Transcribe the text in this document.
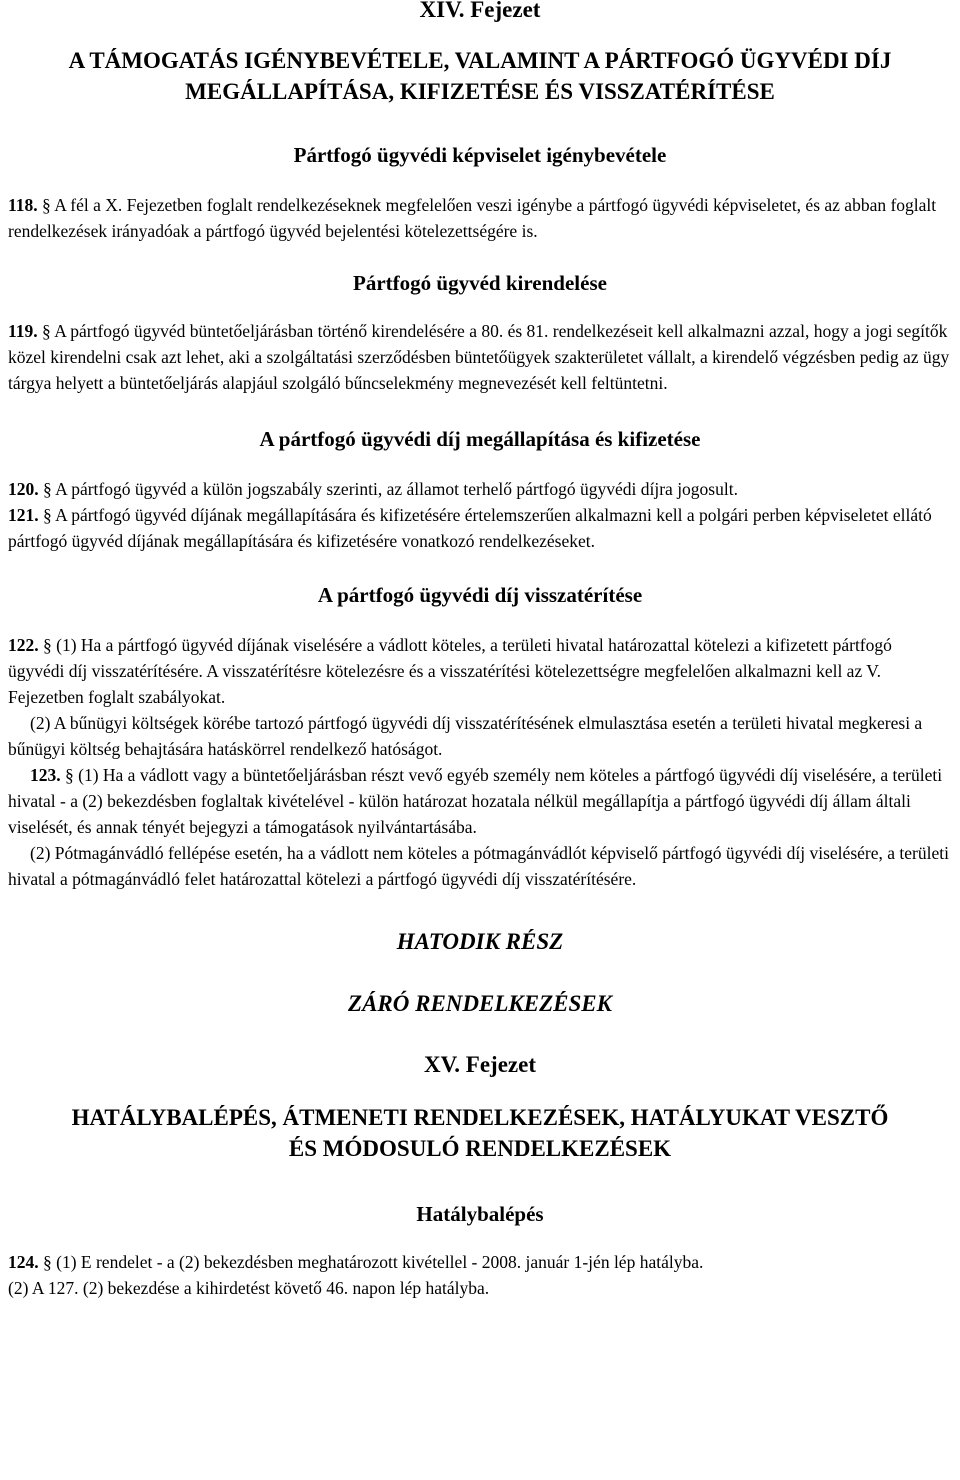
XIV. Fejezet
A TÁMOGATÁS IGÉNYBEVÉTELE, VALAMINT A PÁRTFOGÓ ÜGYVÉDI DÍJ
MEGÁLLAPÍTÁSA, KIFIZETÉSE ÉS VISSZATÉRÍTÉSE
Pártfogó ügyvédi képviselet igénybevétele

118. § A fél a X. Fejezetben foglalt rendelkezéseknek megfelelően veszi igénybe a pártfogó ügyvédi képviseletet, és az abban foglalt rendelkezések irányadóak a pártfogó ügyvéd bejelentési kötelezettségére is.

Pártfogó ügyvéd kirendelése

119. § A pártfogó ügyvéd büntetőeljárásban történő kirendelésére a 80. és 81. rendelkezéseit kell alkalmazni azzal, hogy a jogi segítők közel kirendelni csak azt lehet, aki a szolgáltatási szerződésben büntetőügyek szakterületet vállalt, a kirendelő végzésben pedig az ügy tárgya helyett a büntetőeljárás alapjául szolgáló bűncselekmény megnevezését kell feltüntetni.

A pártfogó ügyvédi díj megállapítása és kifizetése

120. § A pártfogó ügyvéd a külön jogszabály szerinti, az államot terhelő pártfogó ügyvédi díjra jogosult.

121. § A pártfogó ügyvéd díjának megállapítására és kifizetésére értelemszerűen alkalmazni kell a polgári perben képviseletet ellátó pártfogó ügyvéd díjának megállapítására és kifizetésére vonatkozó rendelkezéseket.

A pártfogó ügyvédi díj visszatérítése

122. § (1) Ha a pártfogó ügyvéd díjának viselésére a vádlott köteles, a területi hivatal határozattal kötelezi a kifizetett pártfogó ügyvédi díj visszatérítésére. A visszatérítésre kötelezésre és a visszatérítési kötelezettségre megfelelően alkalmazni kell az V. Fejezetben foglalt szabályokat.

(2) A bűnügyi költségek körébe tartozó pártfogó ügyvédi díj visszatérítésének elmulasztása esetén a területi hivatal megkeresi a bűnügyi költség behajtására hatáskörrel rendelkező hatóságot.

123. § (1) Ha a vádlott vagy a büntetőeljárásban részt vevő egyéb személy nem köteles a pártfogó ügyvédi díj viselésére, a területi hivatal - a (2) bekezdésben foglaltak kivételével - külön határozat hozatala nélkül megállapítja a pártfogó ügyvédi díj állam általi viselését, és annak tényét bejegyzi a támogatások nyilvántartásába.

(2) Pótmagánvádló fellépése esetén, ha a vádlott nem köteles a pótmagánvádlót képviselő pártfogó ügyvédi díj viselésére, a területi hivatal a pótmagánvádló felet határozattal kötelezi a pártfogó ügyvédi díj visszatérítésére.

HATODIK RÉSZ
ZÁRÓ RENDELKEZÉSEK
XV. Fejezet
HATÁLYBALÉPÉS, ÁTMENETI RENDELKEZÉSEK, HATÁLYUKAT VESZTŐ
ÉS MÓDOSULÓ RENDELKEZÉSEK
Hatálybalépés

124. § (1) E rendelet - a (2) bekezdésben meghatározott kivétellel - 2008. január 1-jén lép hatályba.

(2) A 127. (2) bekezdése a kihirdetést követő 46. napon lép hatályba.
